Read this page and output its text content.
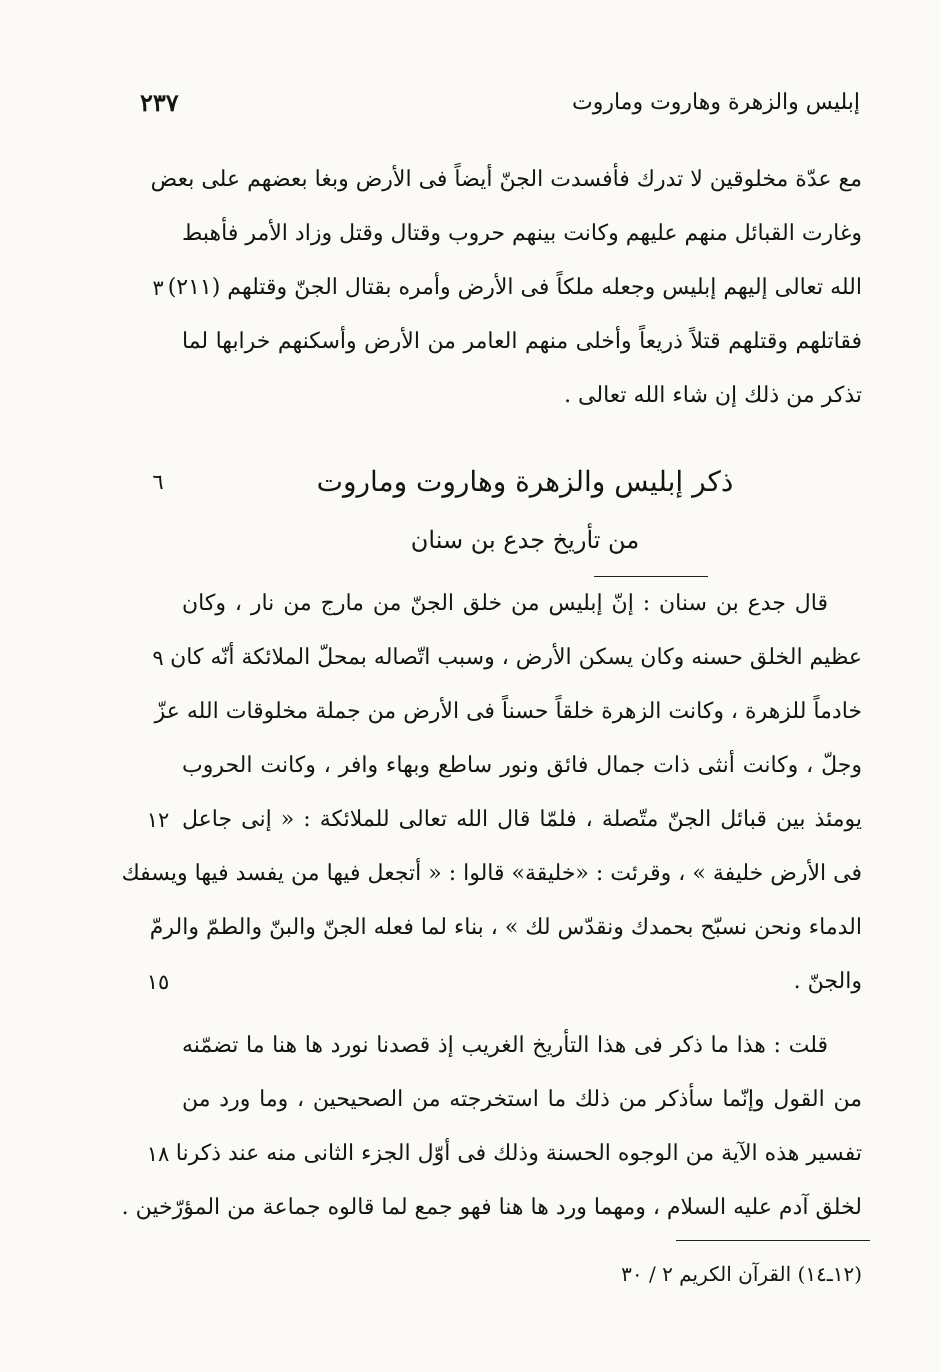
٢٣٧	إبليس والزهرة وهاروت وماروت
مع عدّة مخلوقين لا تدرك فأفسدت الجنّ أيضاً فى الأرض وبغا بعضهم على بعض
وغارت القبائل منهم عليهم وكانت بينهم حروب وقتال وقتل وزاد الأمر فأهبط
الله تعالى إليهم إبليس وجعله ملكاً فى الأرض وأمره بقتال الجنّ وقتلهم (٢١١)
فقاتلهم وقتلهم قتلاً ذريعاً وأخلى منهم العامر من الأرض وأسكنهم خرابها لما
تذكر من ذلك إن شاء الله تعالى .
ذكر إبليس والزهرة وهاروت وماروت
من تأريخ جدع بن سنان
قال جدع بن سنان : إنّ إبليس من خلق الجنّ من مارج من نار ، وكان
عظيم الخلق حسنه وكان يسكن الأرض ، وسبب اتّصاله بمحلّ الملائكة أنّه كان
خادماً للزهرة ، وكانت الزهرة خلقاً حسناً فى الأرض من جملة مخلوقات الله عزّ
وجلّ ، وكانت أنثى ذات جمال فائق ونور ساطع وبهاء وافر ، وكانت الحروب
يومئذ بين قبائل الجنّ متّصلة ، فلمّا قال الله تعالى للملائكة : « إنى جاعل
فى الأرض خليفة » ، وقرئت : «خليقة» قالوا : « أتجعل فيها من يفسد فيها ويسفك
الدماء ونحن نسبّح بحمدك ونقدّس لك » ، بناء لما فعله الجنّ والبنّ والطمّ والرمّ
والجنّ .
قلت : هذا ما ذكر فى هذا التأريخ الغريب إذ قصدنا نورد ها هنا ما تضمّنه
من القول وإنّما سأذكر من ذلك ما استخرجته من الصحيحين ، وما ورد من
تفسير هذه الآية من الوجوه الحسنة وذلك فى أوّل الجزء الثانى منه عند ذكرنا
لخلق آدم عليه السلام ، ومهما ورد ها هنا فهو جمع لما قالوه جماعة من المؤرّخين .
٣
٦
٩
١٢
١٥
١٨
(١٢ـ١٤) القرآن الكريم ٢ / ٣٠
